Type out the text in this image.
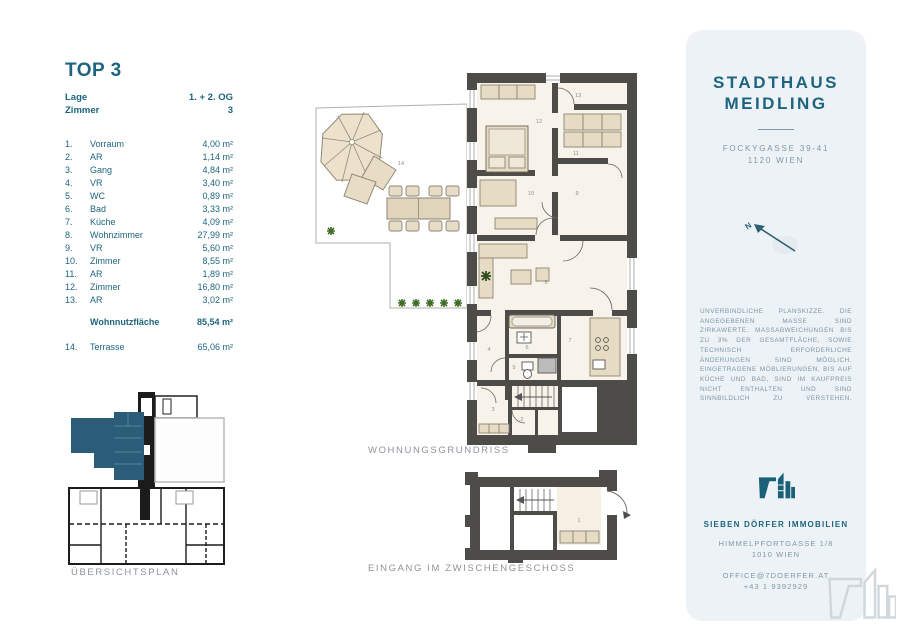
TOP 3
Lage	1. + 2. OG
Zimmer	3
1.	Vorraum	4,00 m²
2.	AR	1,14 m²
3.	Gang	4,84 m²
4.	VR	3,40 m²
5.	WC	0,89 m²
6.	Bad	3,33 m²
7.	Küche	4,09 m²
8.	Wohnzimmer	27,99 m²
9.	VR	5,60 m²
10.	Zimmer	8,55 m²
11.	AR	1,89 m²
12.	Zimmer	16,80 m²
13.	AR	3,02 m²
Wohnnutzfläche	85,54 m²
14.	Terrasse	65,06 m²
ÜBERSICHTSPLAN
14
12
13
11
10	9
8
7
6
5
4
3
2
WOHNUNGSGRUNDRISS
1
EINGANG IM ZWISCHENGESCHOSS
STADTHAUS
MEIDLING
FOCKYGASSE 39-41
1120 WIEN
N
UNVERBINDLICHE PLANSKIZZE. DIE ANGEGEBENEN MASSE SIND ZIRKAWERTE. MASSABWEICHUNGEN BIS ZU 3% DER GESAMTFLÄCHE, SOWIE TECHNISCH ERFORDERLICHE ÄNDERUNGEN SIND MÖGLICH. EINGETRAGENE MÖBLIERUNGEN, BIS AUF KÜCHE UND BAD, SIND IM KAUFPREIS NICHT ENTHALTEN UND SIND SINNBILDLICH ZU VERSTEHEN.
SIEBEN DÖRFER IMMOBILIEN
HIMMELPFORTGASSE 1/8
1010 WIEN
OFFICE@7DOERFER.AT
+43 1 9392929
